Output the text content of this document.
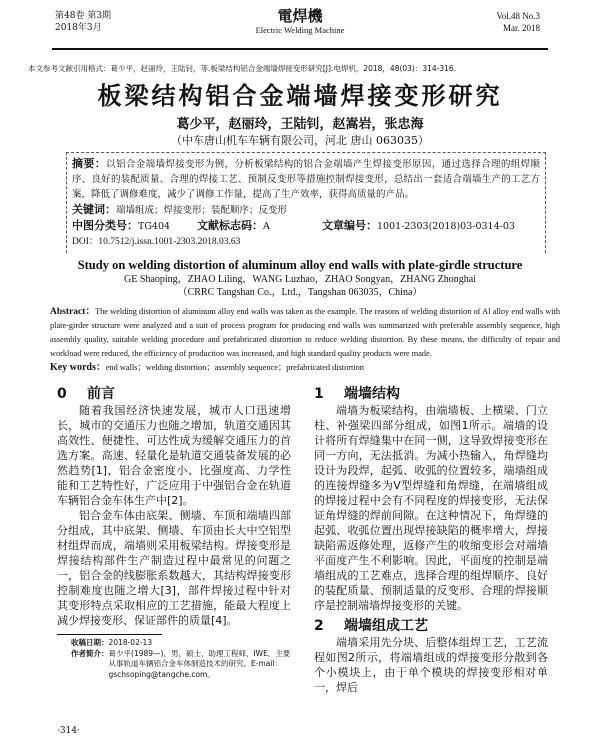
第48卷 第3期
2018年3月
電焊機
Electric Welding Machine
Vol.48 No.3
Mar. 2018
本文参考文献引用格式：葛少平，赵丽玲，王陆钊，等.板梁结构铝合金端墙焊接变形研究[J].电焊机，2018，48(03)：314-316.
板梁结构铝合金端墙焊接变形研究
葛少平，赵丽玲，王陆钊，赵嵩岩，张忠海
（中车唐山机车车辆有限公司，河北 唐山 063035）
摘要：以铝合金端墙焊接变形为例，分析板梁结构的铝合金端墙产生焊接变形原因，通过选择合理的组焊顺序、良好的装配质量、合理的焊接工艺、预制反变形等措施控制焊接变形，总结出一套适合端墙生产的工艺方案，降低了调修难度，减少了调修工作量，提高了生产效率，获得高质量的产品。
关键词：端墙组成；焊接变形；装配顺序；反变形
中图分类号：TG404	文献标志码：A	文章编号：1001-2303(2018)03-0314-03
DOI：10.7512/j.issn.1001-2303.2018.03.63
Study on welding distortion of aluminum alloy end walls with plate-girdle structure
GE Shaoping，ZHAO Liling，WANG Luzhao，ZHAO Songyan，ZHANG Zhonghai
（CRRC Tangshan Co.，Ltd.，Tangshan 063035，China）
Abstract：The welding distortion of aluminum alloy end walls was taken as the example. The reasons of welding distortion of Al alloy end walls with plate-girder structure were analyzed and a suit of process program for producing end walls was summarized with preferable assembly sequence, high assembly quality, suitable welding procedure and prefabricated distortion to reduce welding distortion. By these means, the difficulty of repair and workload were reduced, the efficiency of production was increased, and high standard quality products were made.
Key words：end walls；welding distortion；assembly sequence；prefabricated distortion
0 前言

随着我国经济快速发展，城市人口迅速增长，城市的交通压力也随之增加，轨道交通因其高效性、便捷性、可达性成为缓解交通压力的首选方案。高速、轻量化是轨道交通装备发展的必然趋势[1]，铝合金密度小、比强度高、力学性能和工艺特性好，广泛应用于中强铝合金在轨道车辆铝合金车体生产中[2]。

铝合金车体由底架、侧墙、车顶和端墙四部分组成，其中底架、侧墙、车顶由长大中空铝型材组焊而成，端墙则采用板梁结构。焊接变形是焊接结构部件生产制造过程中最常见的问题之一，铝合金的线膨胀系数越大，其结构焊接变形控制难度也随之增大[3]，部件焊接过程中针对其变形特点采取相应的工艺措施，能最大程度上减少焊接变形、保证部件的质量[4]。

收稿日期： 2018-02-13
作者简介： 葛少平(1989—)，男，硕士，助理工程师，IWE，主要从事轨道车辆铝合金车体制造技术的研究。E-mail：gschsoping@tangche.com。
1 端墙结构

端墙为板梁结构，由端墙板、上横梁、门立柱、补强梁四部分组成，如图1所示。端墙的设计将所有焊缝集中在同一侧，这导致焊接变形在同一方向，无法抵消。为减小热输入，角焊缝均设计为段焊，起弧、收弧的位置较多，端墙组成的连接焊缝多为V型焊缝和角焊缝，在端墙组成的焊接过程中会有不同程度的焊接变形，无法保证角焊缝的焊前间隙。在这种情况下，角焊缝的起弧、收弧位置出现焊接缺陷的概率增大，焊接缺陷需返修处理，返修产生的收缩变形会对端墙平面度产生不利影响。因此，平面度的控制是端墙组成的工艺难点，选择合理的组焊顺序、良好的装配质量、预制适量的反变形、合理的焊接顺序是控制端墙焊接变形的关键。

2 端墙组成工艺

端墙采用先分块、后整体组焊工艺，工艺流程如图2所示，将端墙组成的焊接变形分散到各个小模块上，由于单个模块的焊接变形相对单一，焊后

·314·
